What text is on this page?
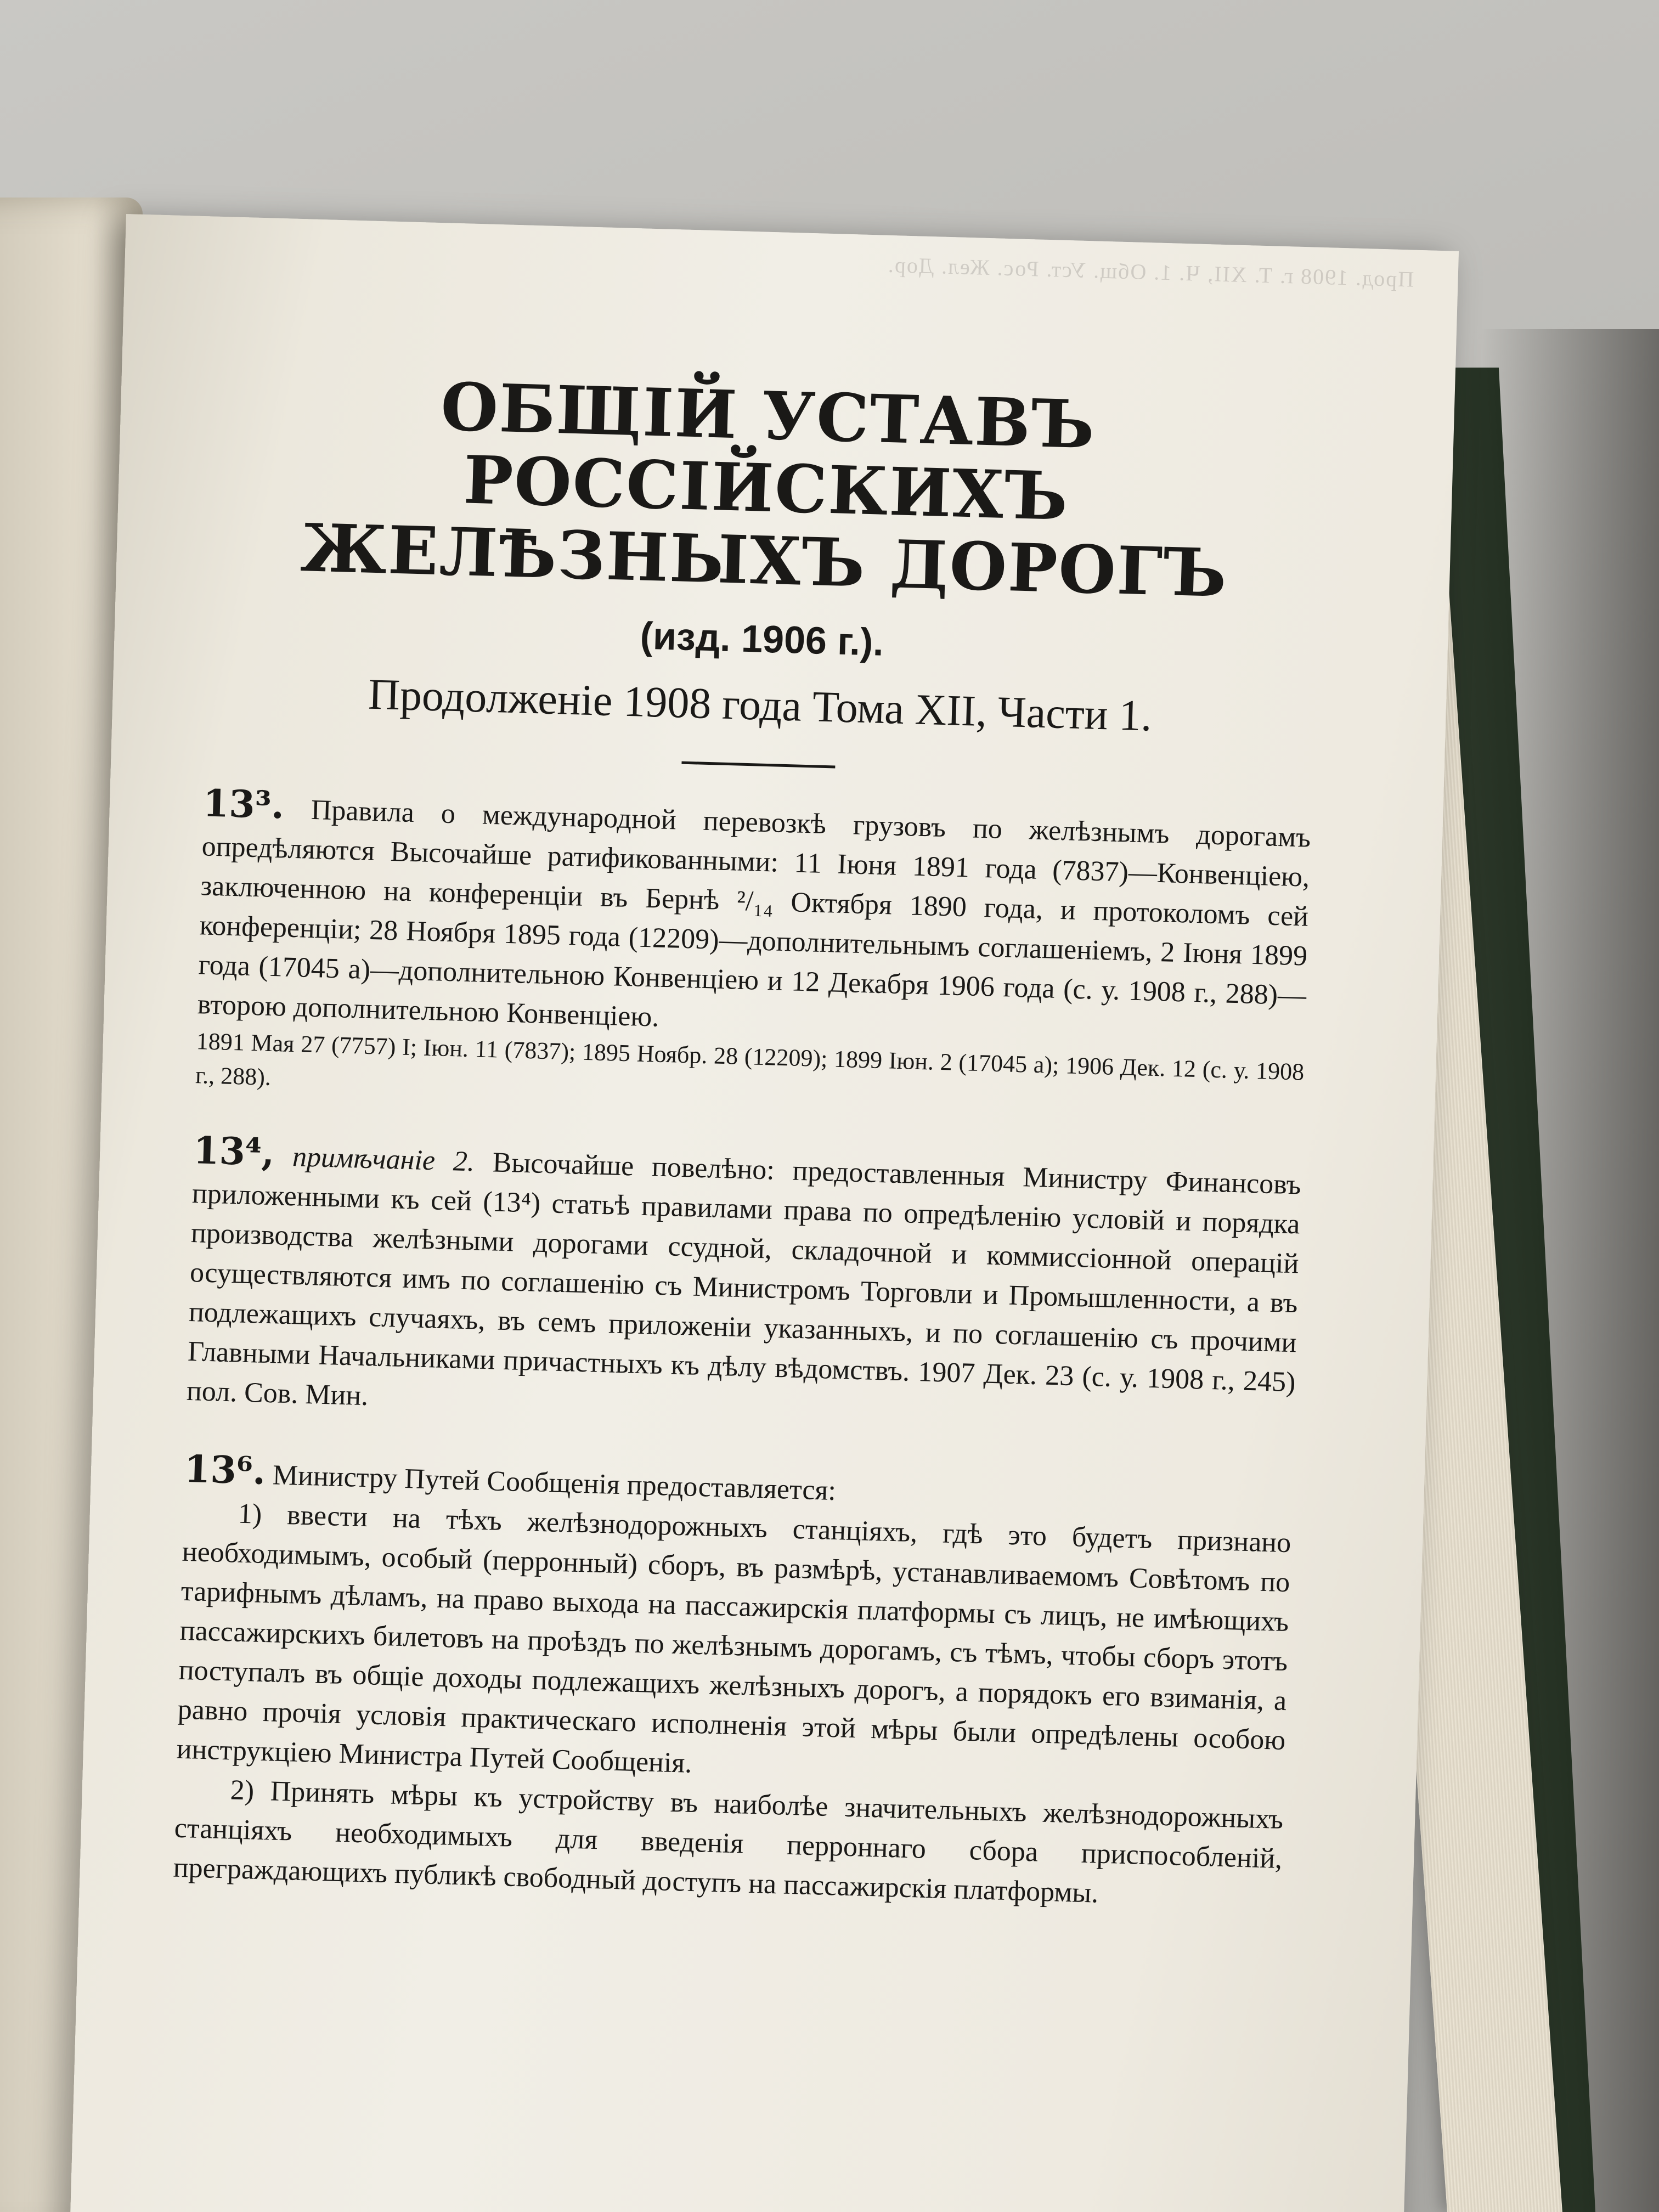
Прод. 1908 г. Т. XII, Ч. 1. Общ. Уст. Рос. Жел. Дор.
ОБЩІЙ УСТАВЪ РОССІЙСКИХЪ
ЖЕЛѢЗНЫХЪ ДОРОГЪ
(изд. 1906 г.).
Продолженіе 1908 года Тома XII, Части 1.
13³. Правила о международной перевозкѣ грузовъ по желѣзнымъ дорогамъ опредѣляются Высочайше ратификованными: 11 Іюня 1891 года (7837)—Конвенціею, заключенною на конференціи въ Бернѣ ²/₁₄ Октября 1890 года, и протоколомъ сей конференціи; 28 Ноября 1895 года (12209)—дополнительнымъ соглашеніемъ, 2 Іюня 1899 года (17045 а)—дополнительною Конвенціею и 12 Декабря 1906 года (с. у. 1908 г., 288)—второю дополнительною Конвенціею.
1891 Мая 27 (7757) І; Іюн. 11 (7837); 1895 Ноябр. 28 (12209); 1899 Іюн. 2 (17045 а); 1906 Дек. 12 (с. у. 1908 г., 288).
13⁴, примѣчаніе 2. Высочайше повелѣно: предоставленныя Министру Финансовъ приложенными къ сей (13⁴) статьѣ правилами права по опредѣленію условій и порядка производства желѣзными дорогами ссудной, складочной и коммиссіонной операцій осуществляются имъ по соглашенію съ Министромъ Торговли и Промышленности, а въ подлежащихъ случаяхъ, въ семъ приложеніи указанныхъ, и по соглашенію съ прочими Главными Начальниками причастныхъ къ дѣлу вѣдомствъ. 1907 Дек. 23 (с. у. 1908 г., 245) пол. Сов. Мин.
13⁶. Министру Путей Сообщенія предоставляется:
1) ввести на тѣхъ желѣзнодорожныхъ станціяхъ, гдѣ это будетъ признано необходимымъ, особый (перронный) сборъ, въ размѣрѣ, устанавливаемомъ Совѣтомъ по тарифнымъ дѣламъ, на право выхода на пассажирскія платформы съ лицъ, не имѣющихъ пассажирскихъ билетовъ на проѣздъ по желѣзнымъ дорогамъ, съ тѣмъ, чтобы сборъ этотъ поступалъ въ общіе доходы подлежащихъ желѣзныхъ дорогъ, а порядокъ его взиманія, а равно прочія условія практическаго исполненія этой мѣры были опредѣлены особою инструкціею Министра Путей Сообщенія.
2) Принять мѣры къ устройству въ наиболѣе значительныхъ желѣзнодорожныхъ станціяхъ необходимыхъ для введенія перроннаго сбора приспособленій, преграждающихъ публикѣ свободный доступъ на пассажирскія платформы.
